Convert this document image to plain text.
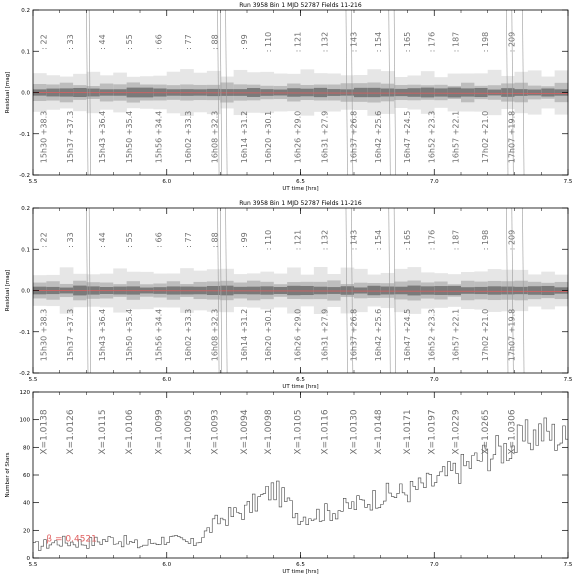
: 22
15h30 +38.3
: 33
15h37 +37.3
: 44
15h43 +36.4
: 55
15h50 +35.4
: 66
15h56 +34.4
: 77
16h02 +33.3
: 88
16h08 +32.3
: 99
16h14 +31.2
: 110
16h20 +30.1
: 121
16h26 +29.0
: 132
16h31 +27.9
: 143
16h37 +26.8
: 154
16h42 +25.6
: 165
16h47 +24.5
: 176
16h52 +23.3
: 187
16h57 +22.1
: 198
17h02 +21.0
: 209
17h07 +19.8
5.5	6.0	6.5	7.0	7.5
-0.2
-0.1
0.0
0.1
0.2
UT time [hrs]
Residual [mag]
Run 3958 Bin 1 MJD 52787 Fields 11-216
: 22
15h30 +38.3
: 33
15h37 +37.3
: 44
15h43 +36.4
: 55
15h50 +35.4
: 66
15h56 +34.4
: 77
16h02 +33.3
: 88
16h08 +32.3
: 99
16h14 +31.2
: 110
16h20 +30.1
: 121
16h26 +29.0
: 132
16h31 +27.9
: 143
16h37 +26.8
: 154
16h42 +25.6
: 165
16h47 +24.5
: 176
16h52 +23.3
: 187
16h57 +22.1
: 198
17h02 +21.0
: 209
17h07 +19.8
5.5	6.0	6.5	7.0	7.5
-0.2
-0.1
0.0
0.1
0.2
UT time [hrs]
Residual [mag]
Run 3958 Bin 1 MJD 52787 Fields 11-216
X=1.0138 X=1.0126 X=1.0115 X=1.0106 X=1.0099 X=1.0095 X=1.0093 X=1.0094 X=1.0098 X=1.0105 X=1.0116 X=1.0130 X=1.0148 X=1.0171 X=1.0197 X=1.0229 X=1.0265 X=1.0306
β = 0.4521
5.5	6.0	6.5	7.0	7.5
0
20
40
60
80
100
120
UT time [hrs]
Number of Stars
